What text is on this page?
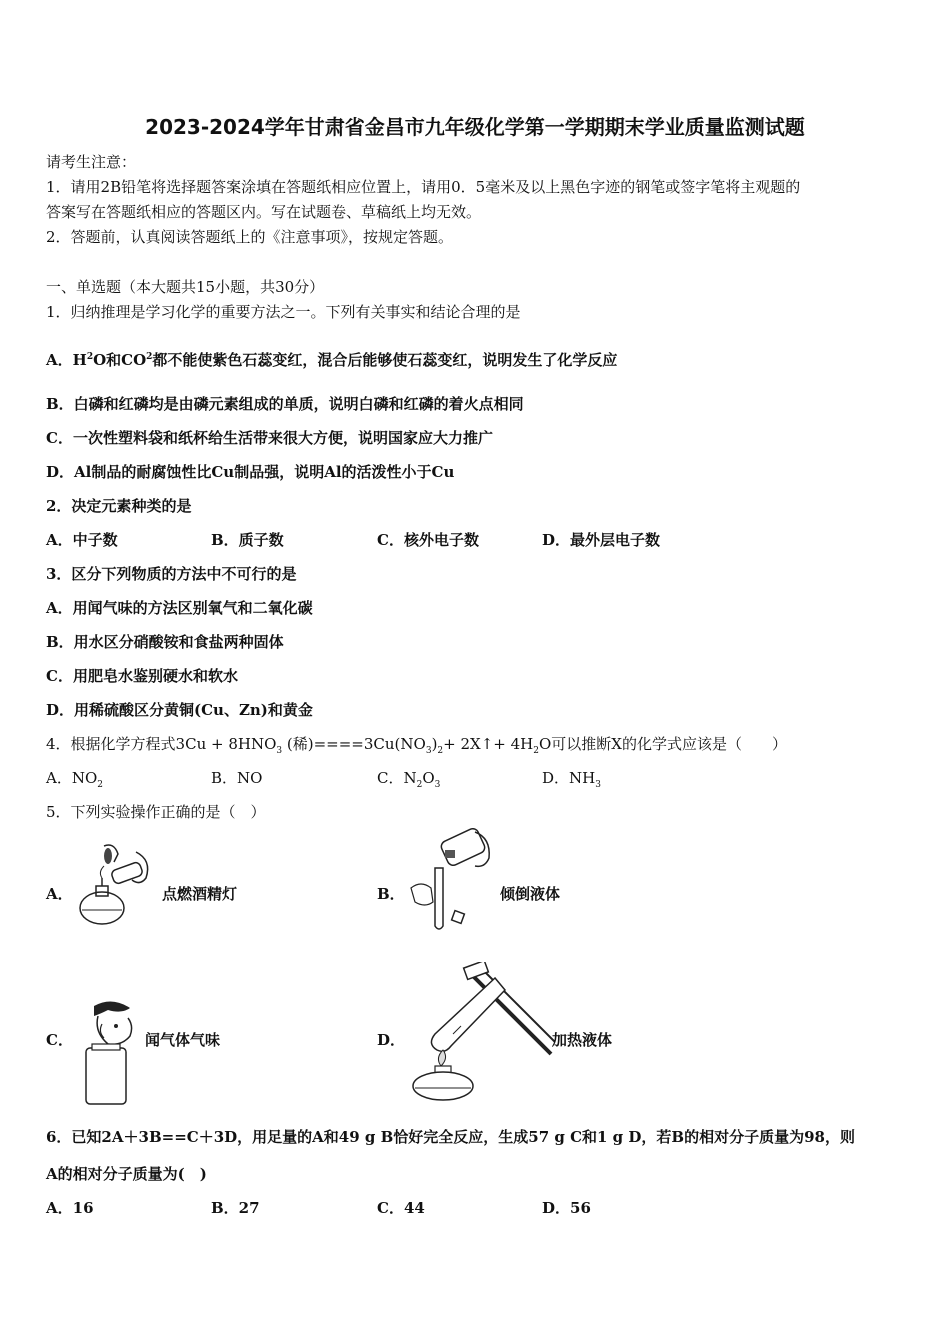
2023-2024学年甘肃省金昌市九年级化学第一学期期末学业质量监测试题
请考生注意：
1．请用2B铅笔将选择题答案涂填在答题纸相应位置上，请用0．5毫米及以上黑色字迹的钢笔或签字笔将主观题的
答案写在答题纸相应的答题区内。写在试题卷、草稿纸上均无效。
2．答题前，认真阅读答题纸上的《注意事项》，按规定答题。
一、单选题（本大题共15小题，共30分）
1．归纳推理是学习化学的重要方法之一。下列有关事实和结论合理的是
A．$H^2O$和$CO^2$都不能使紫色石蕊变红，混合后能够使石蕊变红，说明发生了化学反应
B．白磷和红磷均是由磷元素组成的单质，说明白磷和红磷的着火点相同
C．一次性塑料袋和纸杯给生活带来很大方便，说明国家应大力推广
D．Al制品的耐腐蚀性比Cu制品强，说明Al的活泼性小于Cu
2．决定元素种类的是
A．中子数	B．质子数	C．核外电子数	D．最外层电子数
3．区分下列物质的方法中不可行的是
A．用闻气味的方法区别氧气和二氧化碳
B．用水区分硝酸铵和食盐两种固体
C．用肥皂水鉴别硬水和软水
D．用稀硫酸区分黄铜(Cu、Zn)和黄金
4．根据化学方程式$3Cu + 8HNO_3$ (稀)$====3Cu(NO_3)_2+$ 2X↑+ $4H_2O$可以推断X的化学式应该是（　　）
A．$NO_2$	B．NO	C．$N_2O_3$	D．$NH_3$
5．下列实验操作正确的是（　）
A．	点燃酒精灯	B．	倾倒液体
C．	闻气体气味	D．	加热液体
6．已知2A＋3B==C＋3D，用足量的A和49 g B恰好完全反应，生成57 g C和1 g D，若B的相对分子质量为98，则
A的相对分子质量为(　)
A．16	B．27	C．44	D．56
